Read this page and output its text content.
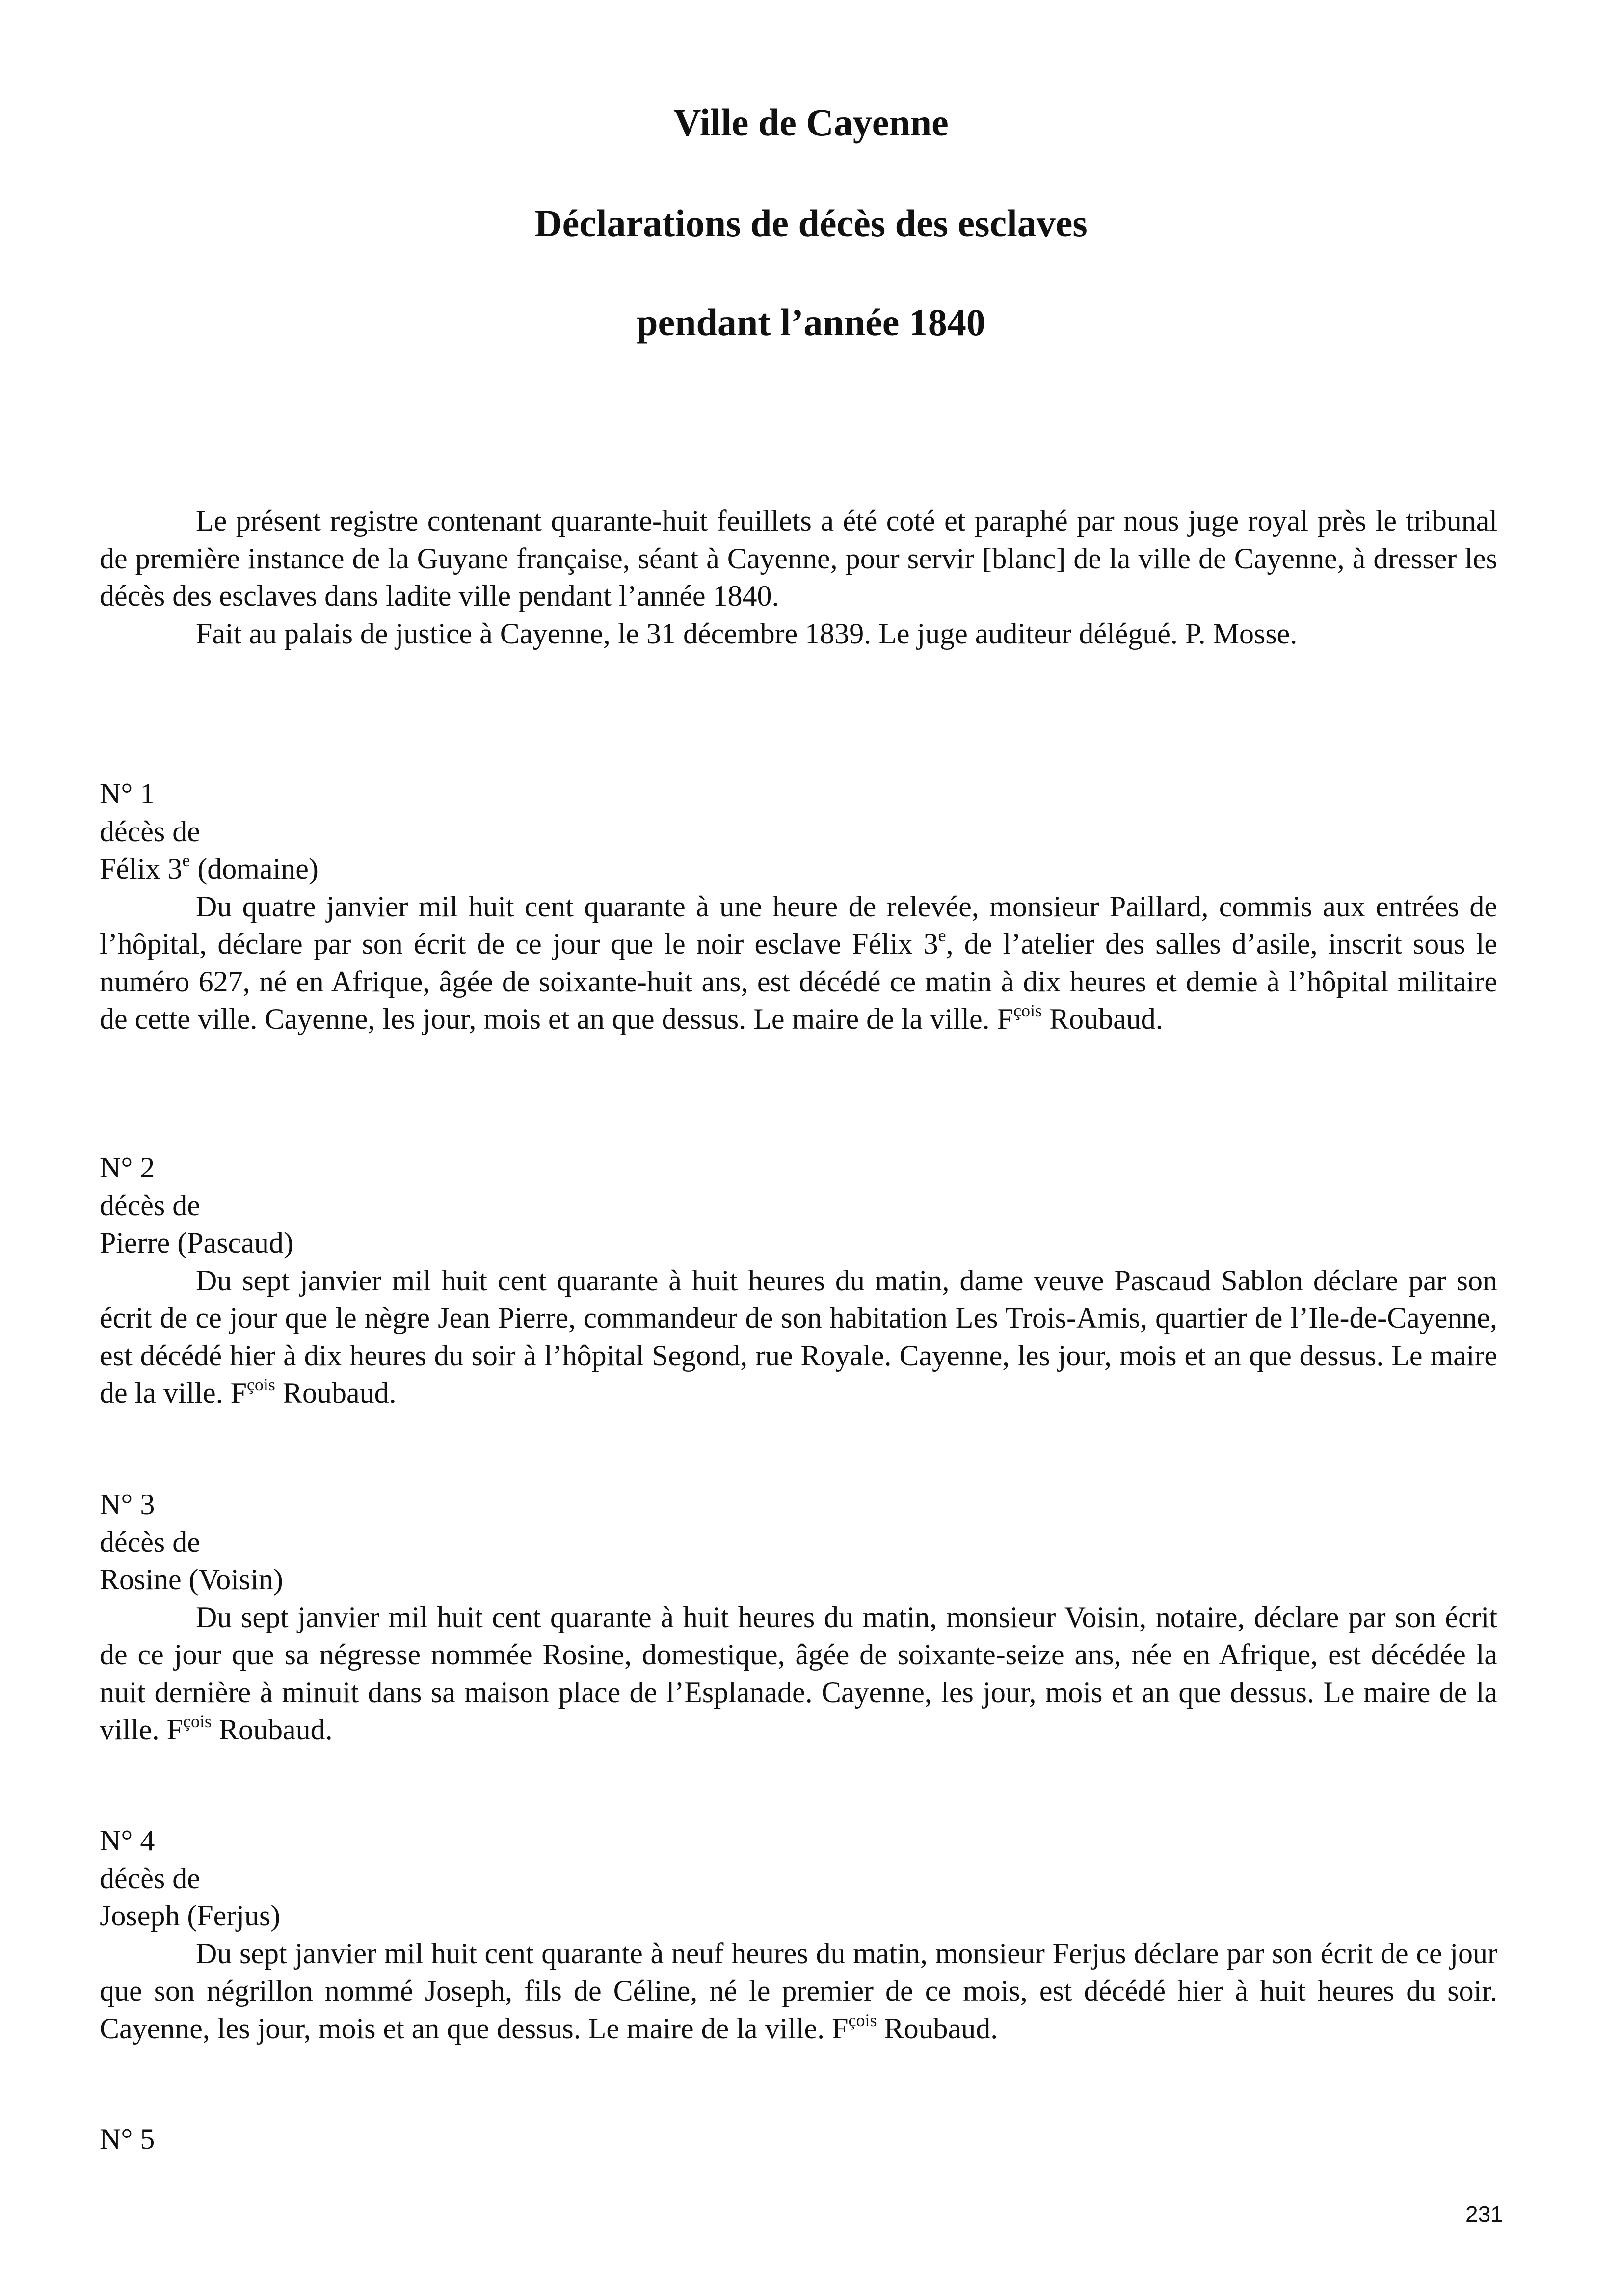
Ville de Cayenne
Déclarations de décès des esclaves
pendant l’année 1840

Le présent registre contenant quarante-huit feuillets a été coté et paraphé par nous juge royal près le tribunal de première instance de la Guyane française, séant à Cayenne, pour servir [blanc] de la ville de Cayenne, à dresser les décès des esclaves dans ladite ville pendant l’année 1840.

Fait au palais de justice à Cayenne, le 31 décembre 1839. Le juge auditeur délégué. P. Mosse.

N° 1

décès de

Félix 3e (domaine)

Du quatre janvier mil huit cent quarante à une heure de relevée, monsieur Paillard, commis aux entrées de l’hôpital, déclare par son écrit de ce jour que le noir esclave Félix 3e, de l’atelier des salles d’asile, inscrit sous le numéro 627, né en Afrique, âgée de soixante-huit ans, est décédé ce matin à dix heures et demie à l’hôpital militaire de cette ville. Cayenne, les jour, mois et an que dessus. Le maire de la ville. $F^{çois}$ Roubaud.

N° 2

décès de

Pierre (Pascaud)

Du sept janvier mil huit cent quarante à huit heures du matin, dame veuve Pascaud Sablon déclare par son écrit de ce jour que le nègre Jean Pierre, commandeur de son habitation Les Trois-Amis, quartier de l’Ile-de-Cayenne, est décédé hier à dix heures du soir à l’hôpital Segond, rue Royale. Cayenne, les jour, mois et an que dessus. Le maire de la ville. $F^{çois}$ Roubaud.

N° 3

décès de

Rosine (Voisin)

Du sept janvier mil huit cent quarante à huit heures du matin, monsieur Voisin, notaire, déclare par son écrit de ce jour que sa négresse nommée Rosine, domestique, âgée de soixante-seize ans, née en Afrique, est décédée la nuit dernière à minuit dans sa maison place de l’Esplanade. Cayenne, les jour, mois et an que dessus. Le maire de la ville. $F^{çois}$ Roubaud.

N° 4

décès de

Joseph (Ferjus)

Du sept janvier mil huit cent quarante à neuf heures du matin, monsieur Ferjus déclare par son écrit de ce jour que son négrillon nommé Joseph, fils de Céline, né le premier de ce mois, est décédé hier à huit heures du soir. Cayenne, les jour, mois et an que dessus. Le maire de la ville. $F^{çois}$ Roubaud.

N° 5

231
